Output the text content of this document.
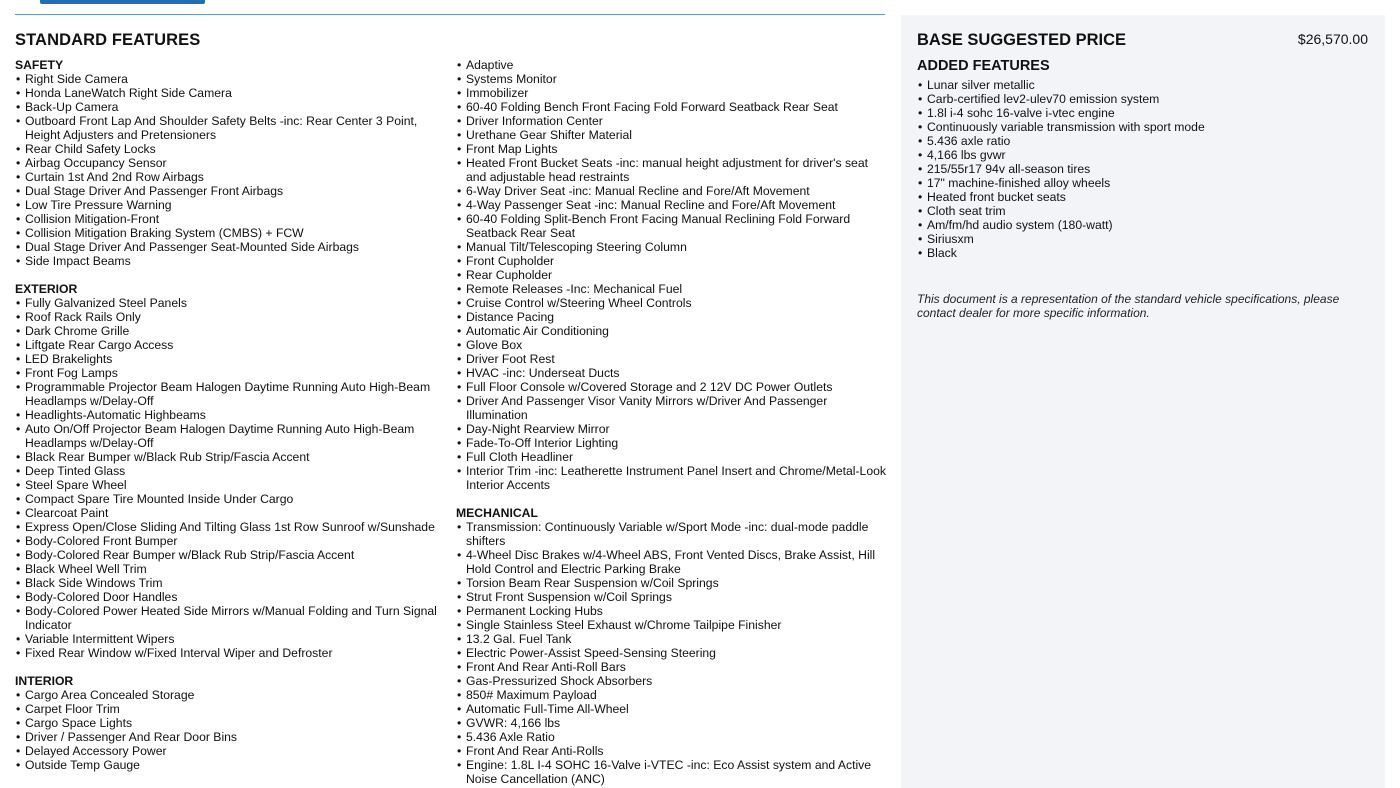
STANDARD FEATURES
SAFETY
• Right Side Camera
• Honda LaneWatch Right Side Camera
• Back-Up Camera
• Outboard Front Lap And Shoulder Safety Belts -inc: Rear Center 3 Point, Height Adjusters and Pretensioners
• Rear Child Safety Locks
• Airbag Occupancy Sensor
• Curtain 1st And 2nd Row Airbags
• Dual Stage Driver And Passenger Front Airbags
• Low Tire Pressure Warning
• Collision Mitigation-Front
• Collision Mitigation Braking System (CMBS) + FCW
• Dual Stage Driver And Passenger Seat-Mounted Side Airbags
• Side Impact Beams
EXTERIOR
• Fully Galvanized Steel Panels
• Roof Rack Rails Only
• Dark Chrome Grille
• Liftgate Rear Cargo Access
• LED Brakelights
• Front Fog Lamps
• Programmable Projector Beam Halogen Daytime Running Auto High-Beam Headlamps w/Delay-Off
• Headlights-Automatic Highbeams
• Auto On/Off Projector Beam Halogen Daytime Running Auto High-Beam Headlamps w/Delay-Off
• Black Rear Bumper w/Black Rub Strip/Fascia Accent
• Deep Tinted Glass
• Steel Spare Wheel
• Compact Spare Tire Mounted Inside Under Cargo
• Clearcoat Paint
• Express Open/Close Sliding And Tilting Glass 1st Row Sunroof w/Sunshade
• Body-Colored Front Bumper
• Body-Colored Rear Bumper w/Black Rub Strip/Fascia Accent
• Black Wheel Well Trim
• Black Side Windows Trim
• Body-Colored Door Handles
• Body-Colored Power Heated Side Mirrors w/Manual Folding and Turn Signal Indicator
• Variable Intermittent Wipers
• Fixed Rear Window w/Fixed Interval Wiper and Defroster
INTERIOR
• Cargo Area Concealed Storage
• Carpet Floor Trim
• Cargo Space Lights
• Driver / Passenger And Rear Door Bins
• Delayed Accessory Power
• Outside Temp Gauge
• Adaptive
• Systems Monitor
• Immobilizer
• 60-40 Folding Bench Front Facing Fold Forward Seatback Rear Seat
• Driver Information Center
• Urethane Gear Shifter Material
• Front Map Lights
• Heated Front Bucket Seats -inc: manual height adjustment for driver's seat and adjustable head restraints
• 6-Way Driver Seat -inc: Manual Recline and Fore/Aft Movement
• 4-Way Passenger Seat -inc: Manual Recline and Fore/Aft Movement
• 60-40 Folding Split-Bench Front Facing Manual Reclining Fold Forward Seatback Rear Seat
• Manual Tilt/Telescoping Steering Column
• Front Cupholder
• Rear Cupholder
• Remote Releases -Inc: Mechanical Fuel
• Cruise Control w/Steering Wheel Controls
• Distance Pacing
• Automatic Air Conditioning
• Glove Box
• Driver Foot Rest
• HVAC -inc: Underseat Ducts
• Full Floor Console w/Covered Storage and 2 12V DC Power Outlets
• Driver And Passenger Visor Vanity Mirrors w/Driver And Passenger Illumination
• Day-Night Rearview Mirror
• Fade-To-Off Interior Lighting
• Full Cloth Headliner
• Interior Trim -inc: Leatherette Instrument Panel Insert and Chrome/Metal-Look Interior Accents
MECHANICAL
• Transmission: Continuously Variable w/Sport Mode -inc: dual-mode paddle shifters
• 4-Wheel Disc Brakes w/4-Wheel ABS, Front Vented Discs, Brake Assist, Hill Hold Control and Electric Parking Brake
• Torsion Beam Rear Suspension w/Coil Springs
• Strut Front Suspension w/Coil Springs
• Permanent Locking Hubs
• Single Stainless Steel Exhaust w/Chrome Tailpipe Finisher
• 13.2 Gal. Fuel Tank
• Electric Power-Assist Speed-Sensing Steering
• Front And Rear Anti-Roll Bars
• Gas-Pressurized Shock Absorbers
• 850# Maximum Payload
• Automatic Full-Time All-Wheel
• GVWR: 4,166 lbs
• 5.436 Axle Ratio
• Front And Rear Anti-Rolls
• Engine: 1.8L I-4 SOHC 16-Valve i-VTEC -inc: Eco Assist system and Active Noise Cancellation (ANC)
BASE SUGGESTED PRICE	$26,570.00
ADDED FEATURES
• Lunar silver metallic
• Carb-certified lev2-ulev70 emission system
• 1.8l i-4 sohc 16-valve i-vtec engine
• Continuously variable transmission with sport mode
• 5.436 axle ratio
• 4,166 lbs gvwr
• 215/55r17 94v all-season tires
• 17" machine-finished alloy wheels
• Heated front bucket seats
• Cloth seat trim
• Am/fm/hd audio system (180-watt)
• Siriusxm
• Black
This document is a representation of the standard vehicle specifications, please contact dealer for more specific information.
